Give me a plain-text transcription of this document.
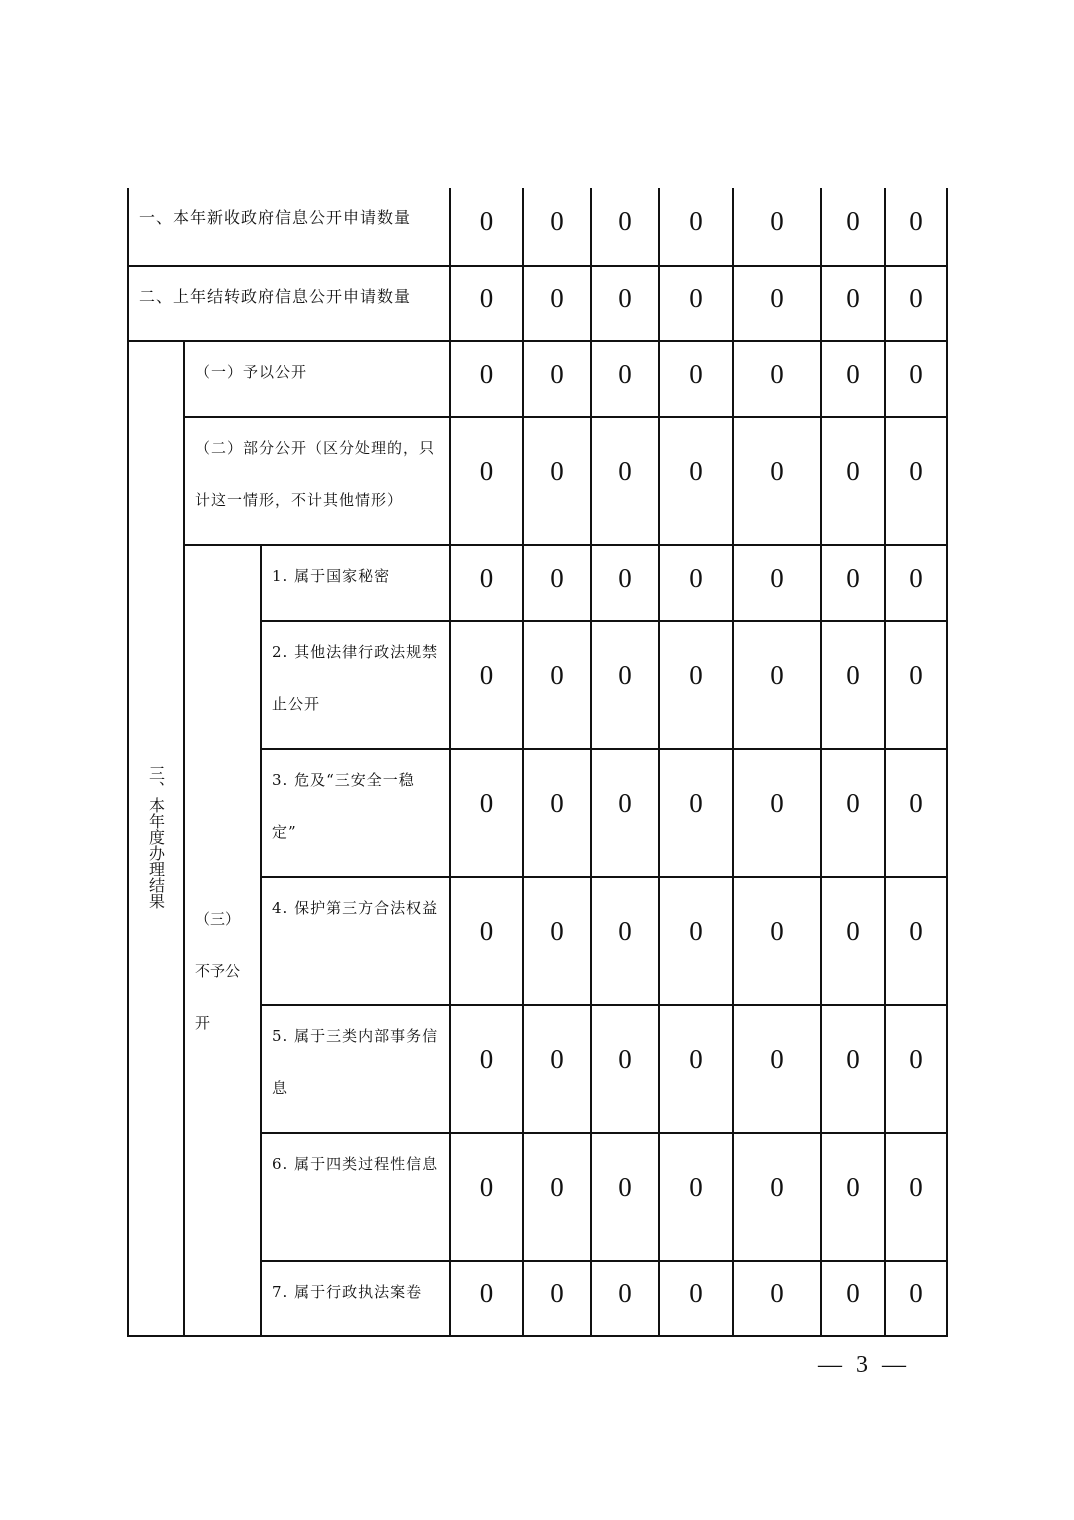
一、本年新收政府信息公开申请数量			0	0	0	0	0	0	0
二、上年结转政府信息公开申请数量			0	0	0	0	0	0	0
三、本年度办理结果	（一）予以公开		0	0	0	0	0	0	0
	（二）部分公开（区分处理的，只计这一情形，不计其他情形）		0	0	0	0	0	0	0
	（三）不予公开	1. 属于国家秘密	0	0	0	0	0	0	0
		2. 其他法律行政法规禁止公开	0	0	0	0	0	0	0
		3. 危及“三安全一稳定”	0	0	0	0	0	0	0
		4. 保护第三方合法权益	0	0	0	0	0	0	0
		5. 属于三类内部事务信息	0	0	0	0	0	0	0
		6. 属于四类过程性信息	0	0	0	0	0	0	0
		7. 属于行政执法案卷	0	0	0	0	0	0	0
— 3 —
